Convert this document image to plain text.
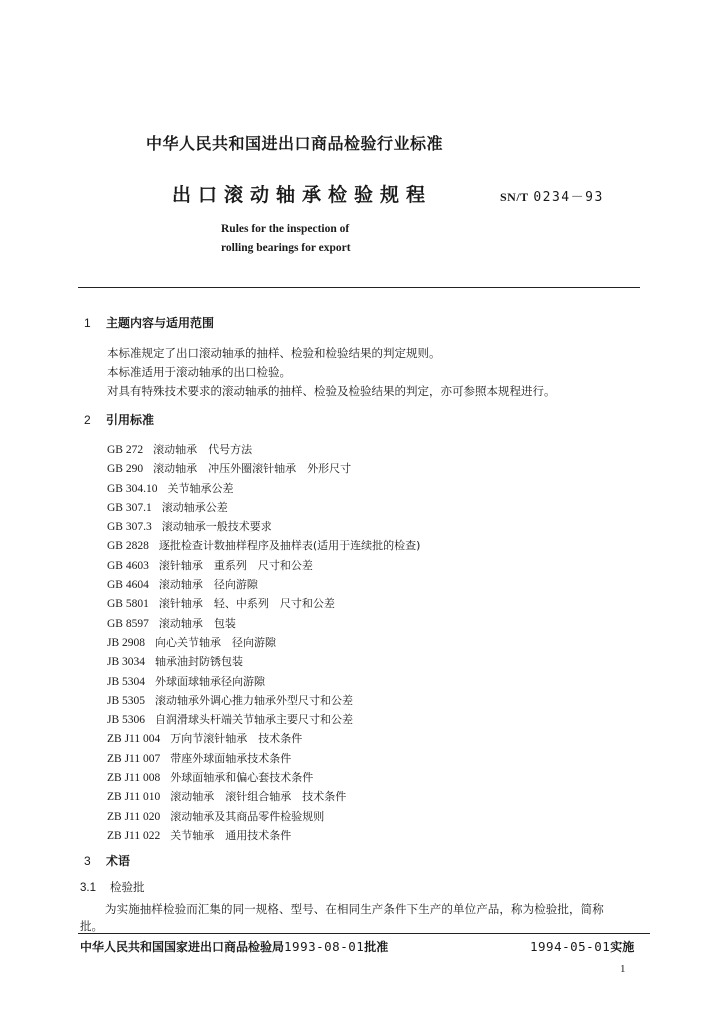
中华人民共和国进出口商品检验行业标准
出口滚动轴承检验规程	SN/T 0234－93
Rules for the inspection of
rolling bearings for export
1 主题内容与适用范围
本标准规定了出口滚动轴承的抽样、检验和检验结果的判定规则。
本标准适用于滚动轴承的出口检验。
对具有特殊技术要求的滚动轴承的抽样、检验及检验结果的判定，亦可参照本规程进行。
2 引用标准
GB 272 滚动轴承　代号方法
GB 290 滚动轴承　冲压外圈滚针轴承　外形尺寸
GB 304.10 关节轴承公差
GB 307.1 滚动轴承公差
GB 307.3 滚动轴承一般技术要求
GB 2828 逐批检查计数抽样程序及抽样表(适用于连续批的检查)
GB 4603 滚针轴承　重系列　尺寸和公差
GB 4604 滚动轴承　径向游隙
GB 5801 滚针轴承　轻、中系列　尺寸和公差
GB 8597 滚动轴承　包装
JB 2908 向心关节轴承　径向游隙
JB 3034 轴承油封防锈包装
JB 5304 外球面球轴承径向游隙
JB 5305 滚动轴承外调心推力轴承外型尺寸和公差
JB 5306 自润滑球头杆端关节轴承主要尺寸和公差
ZB J11 004 万向节滚针轴承　技术条件
ZB J11 007 带座外球面轴承技术条件
ZB J11 008 外球面轴承和偏心套技术条件
ZB J11 010 滚动轴承　滚针组合轴承　技术条件
ZB J11 020 滚动轴承及其商品零件检验规则
ZB J11 022 关节轴承　通用技术条件
3 术语
3.1 检验批
为实施抽样检验而汇集的同一规格、型号、在相同生产条件下生产的单位产品，称为检验批，简称
批。
中华人民共和国国家进出口商品检验局1993-08-01批准	1994-05-01实施
1
